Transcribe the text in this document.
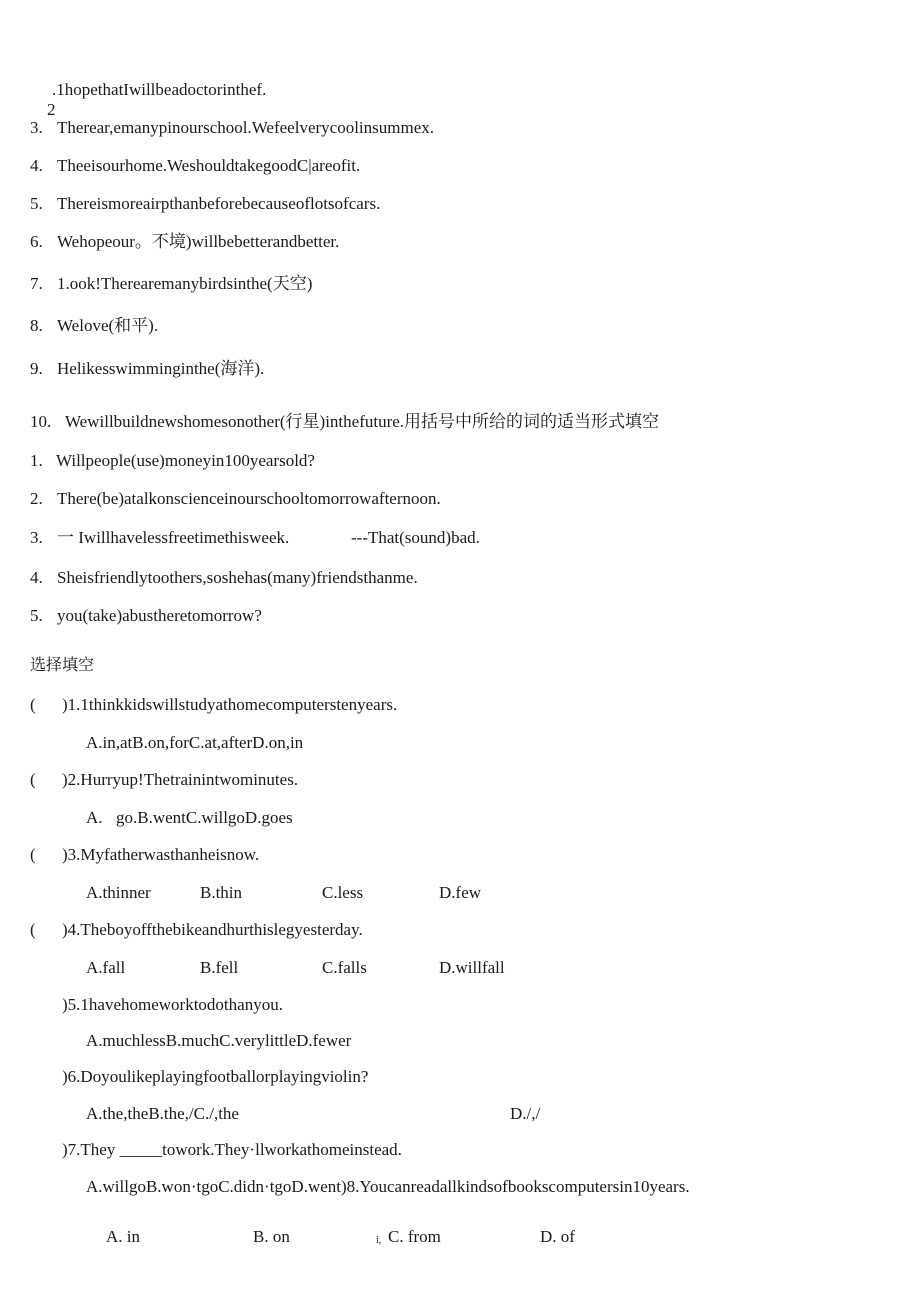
2

.1hopethatIwillbeadoctorinthef.
3. Therear,emanypinourschool.Wefeelverycoolinsummex.
4. Theeisourhome.WeshouldtakegoodC|areofit.
5. Thereismoreairpthanbeforebecauseoflotsofcars.
6. Wehopeour。不境)willbebetterandbetter.
7. 1.ook!Therearemanybirdsinthe(天空)
8. Welove(和平).
9. Helikesswimminginthe(海洋).
10. Wewillbuildnewshomesonother(行星)inthefuture.用括号中所给的词的适当形式填空
1. Willpeople(use)moneyin100yearsold?
2. There(be)atalkonscienceinourschooltomorrowafternoon.
3. 一 Iwillhavelessfreetimethisweek.	---That(sound)bad.
4. Sheisfriendlytoothers,soshehas(many)friendsthanme.
5. you(take)abustheretomorrow?
选择填空
( )1.1thinkkidswillstudyathomecomputerstenyears.
A.in,atB.on,forC.at,afterD.on,in
( )2.Hurryup!Thetrainintwominutes.
A. go.B.wentC.willgoD.goes
( )3.Myfatherwasthanheisnow.
A.thinner	B.thin	C.less	D.few
( )4.Theboyoffthebikeandhurthislegyesterday.
A.fall	B.fell	C.falls	D.willfall
)5.1havehomeworktodothanyou.
A.muchlessB.muchC.verylittleD.fewer
)6.Doyoulikeplayingfootballorplayingviolin?
A.the,theB.the,/C./,the	D./,/
)7.They _____towork.They·llworkathomeinstead.
A.willgoB.won·tgoC.didn·tgoD.went)8.Youcanreadallkindsofbookscomputersin10years.
A. in	B. on	i, C. from	D. of
